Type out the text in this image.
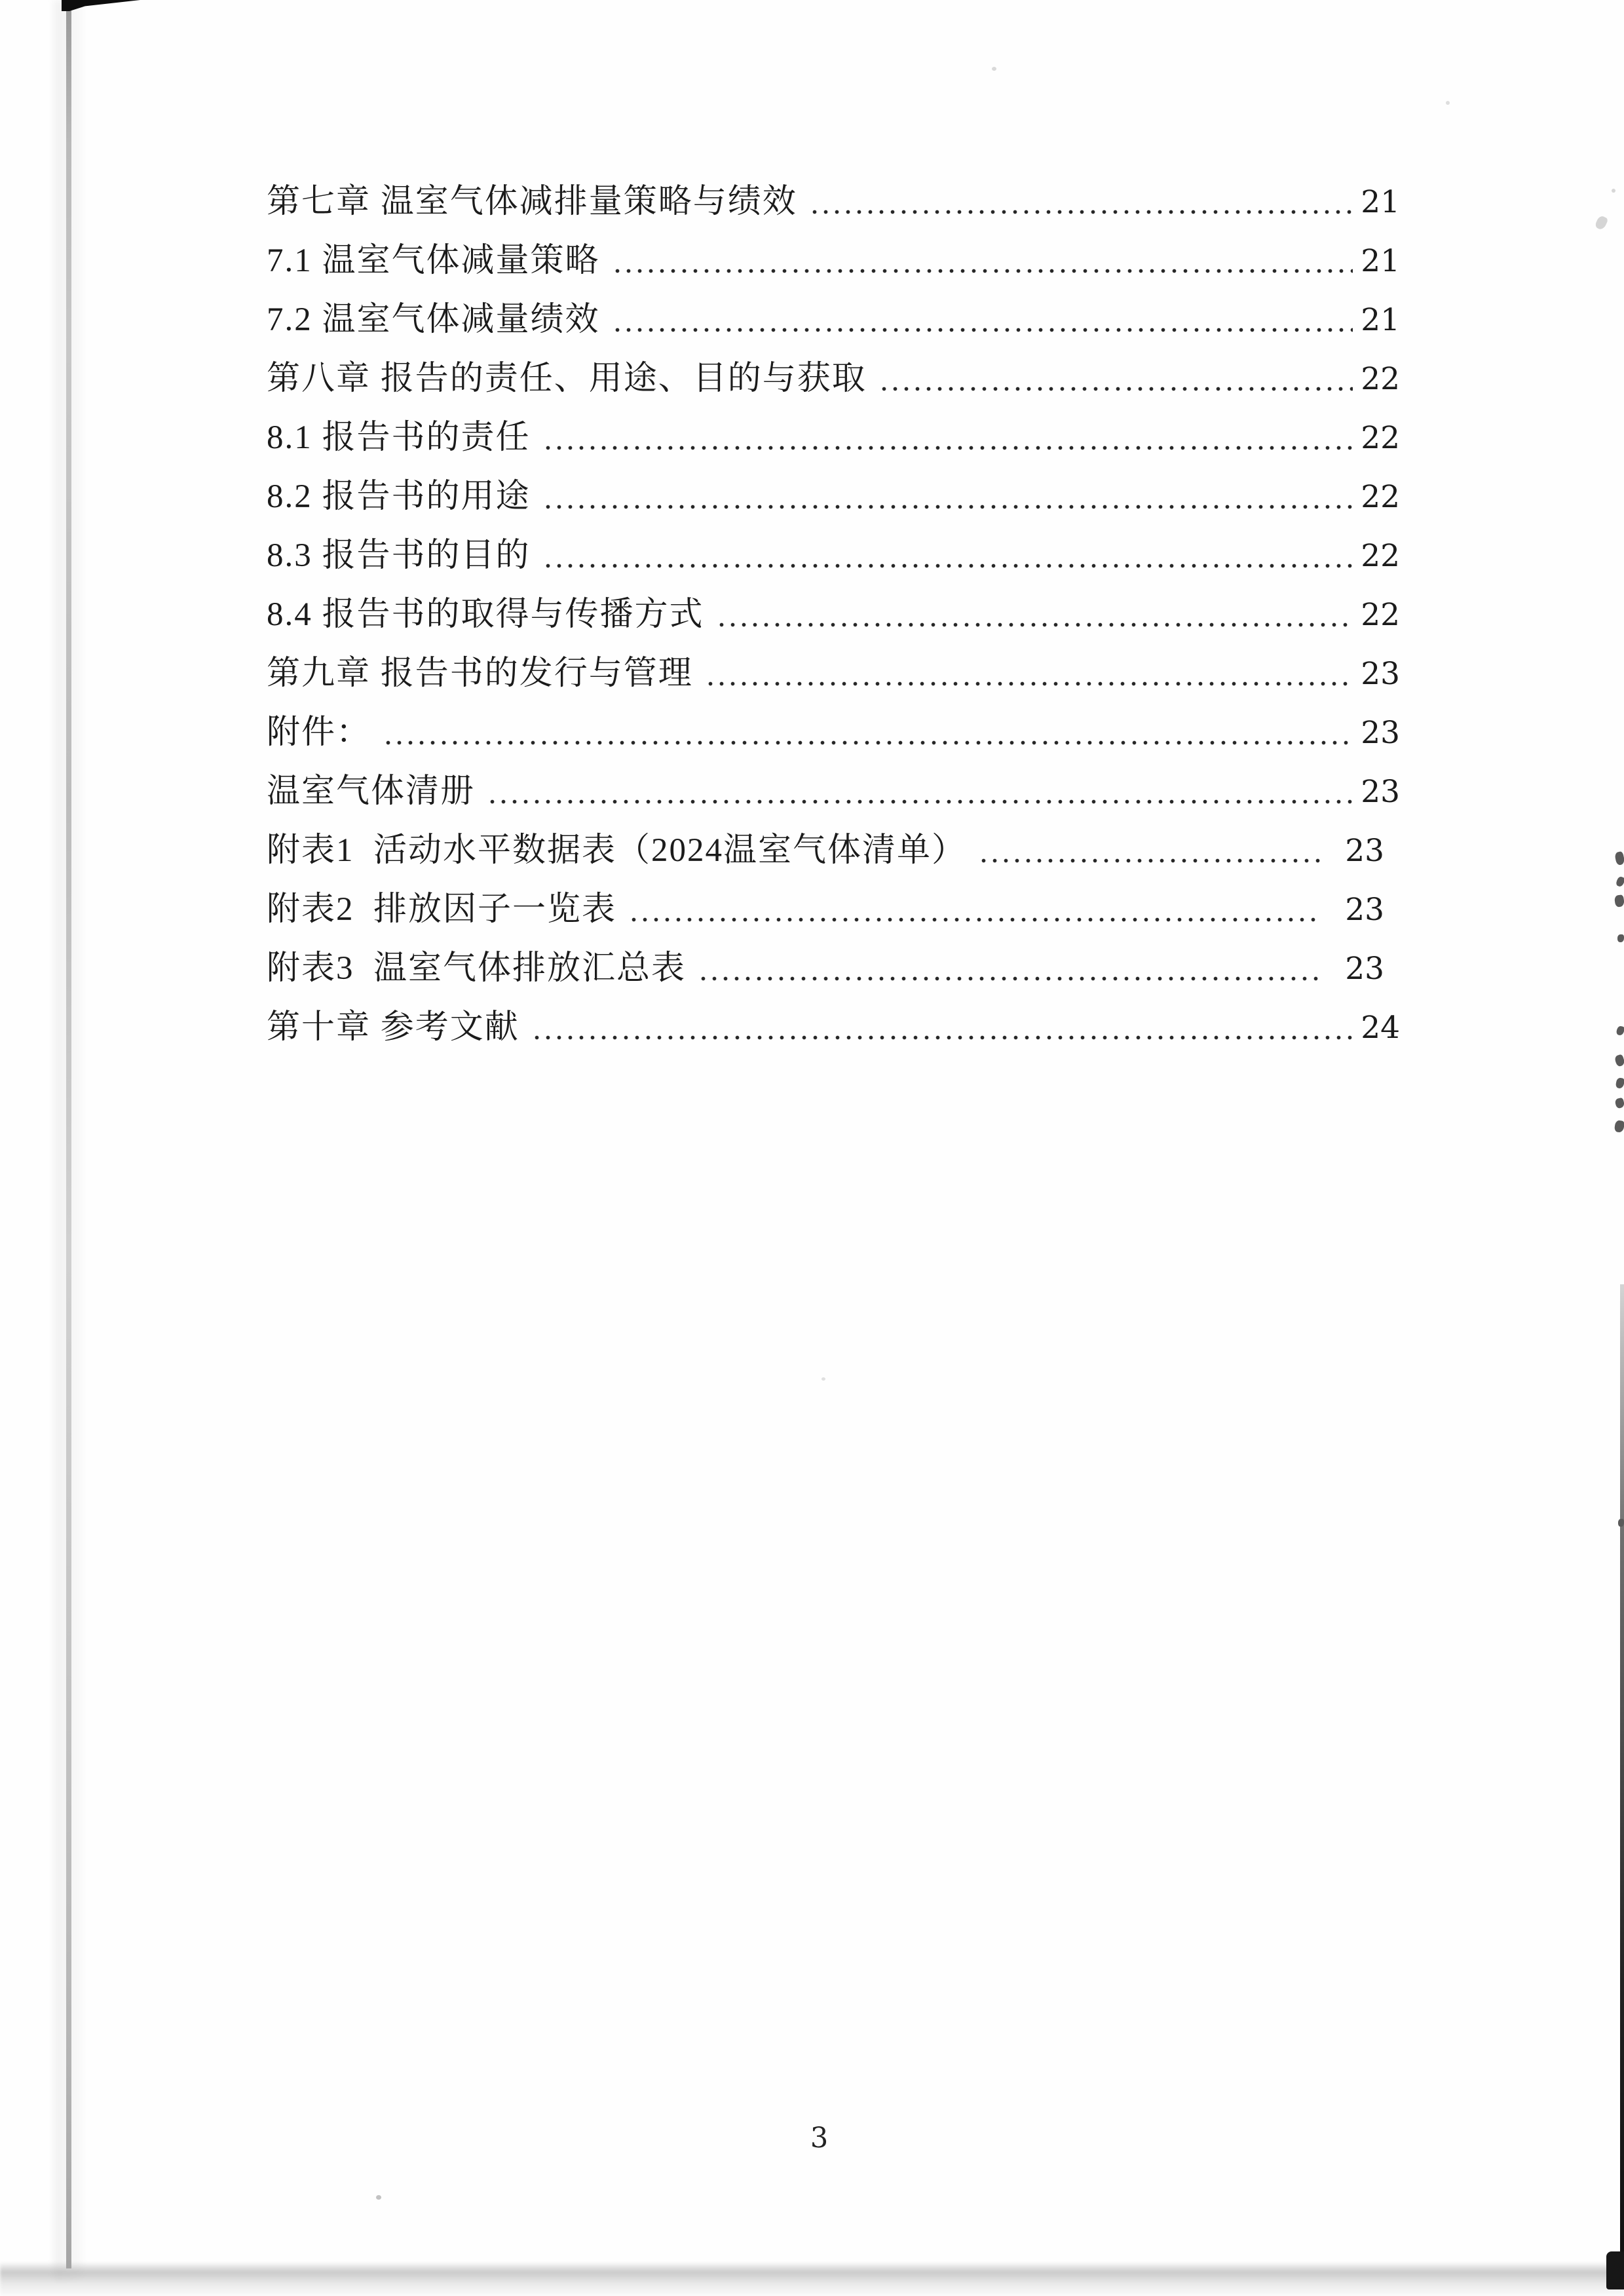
第七章 温室气体减排量策略与绩效	21
7.1 温室气体减量策略	21
7.2 温室气体减量绩效	21
第八章 报告的责任、用途、目的与获取	22
8.1 报告书的责任	22
8.2 报告书的用途	22
8.3 报告书的目的	22
8.4 报告书的取得与传播方式	22
第九章 报告书的发行与管理	23
附件：	23
温室气体清册	23
附表1  活动水平数据表（2024温室气体清单）	23
附表2  排放因子一览表	23
附表3  温室气体排放汇总表	23
第十章 参考文献	24
3
